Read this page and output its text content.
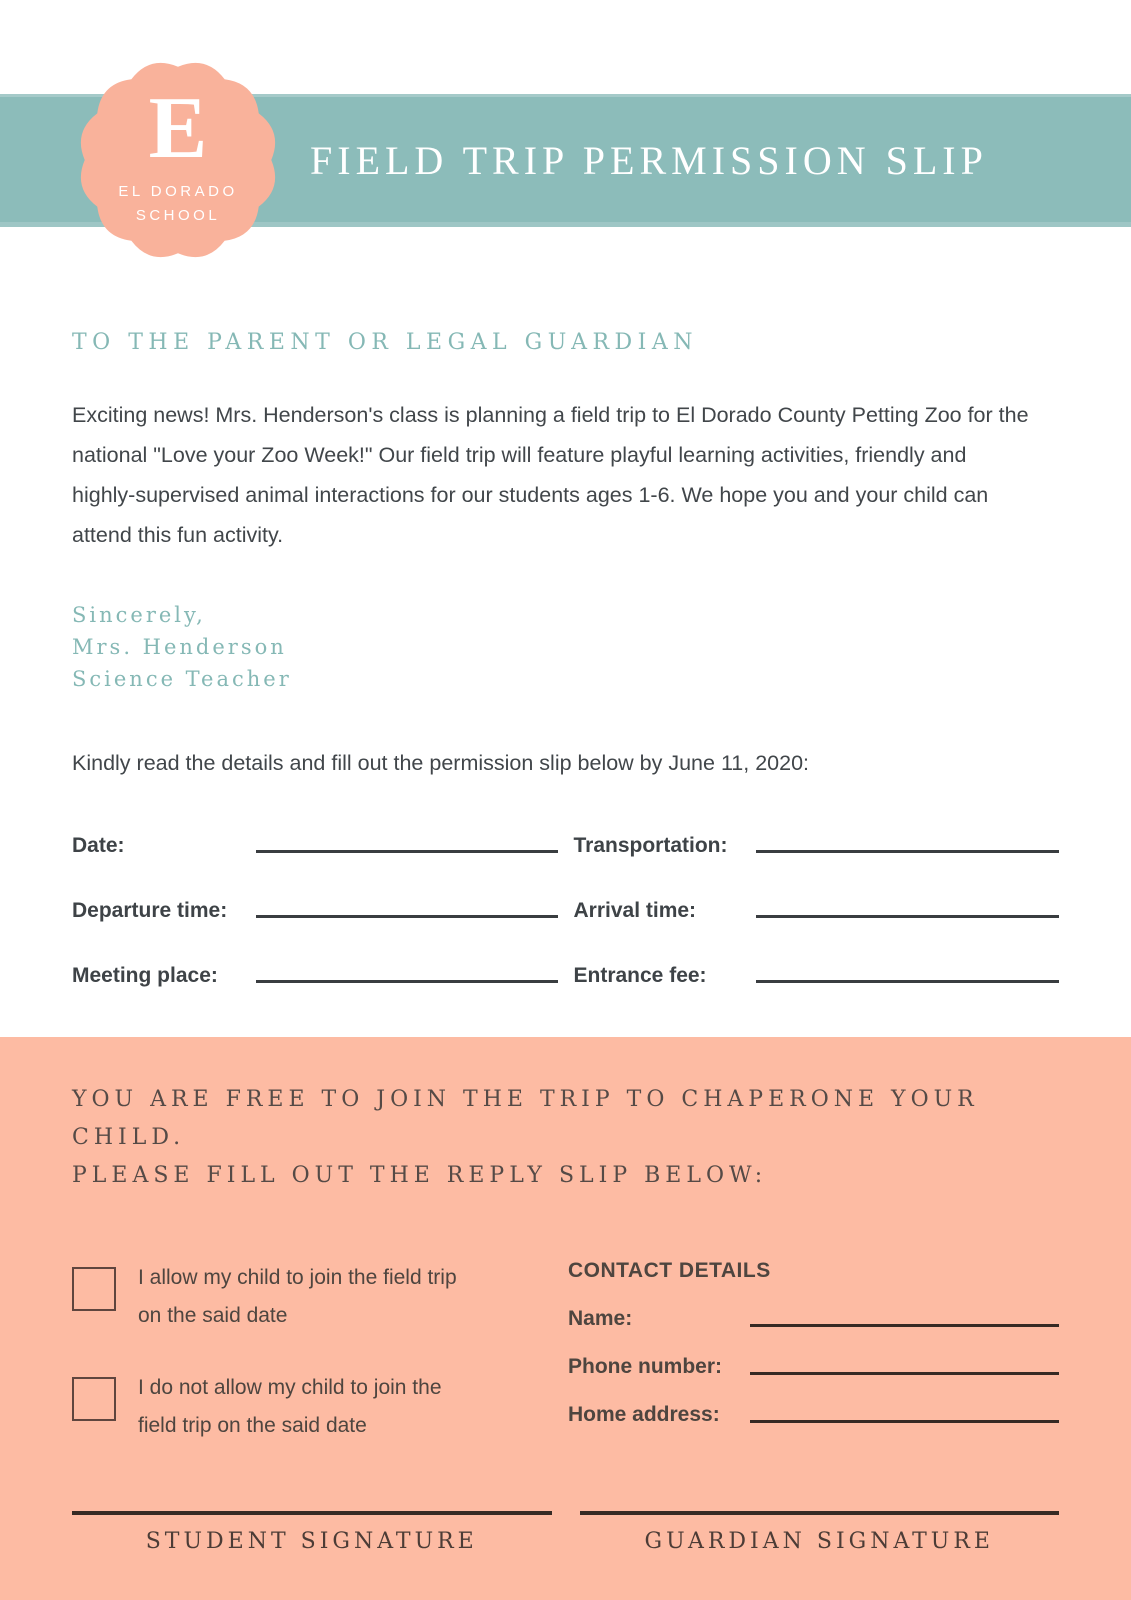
FIELD TRIP PERMISSION SLIP
E
EL DORADO
SCHOOL
TO THE PARENT OR LEGAL GUARDIAN
Exciting news! Mrs. Henderson's class is planning a field trip to El Dorado County Petting Zoo for the national "Love your Zoo Week!" Our field trip will feature playful learning activities, friendly and highly-supervised animal interactions for our students ages 1-6. We hope you and your child can attend this fun activity.
Sincerely,
Mrs. Henderson
Science Teacher
Kindly read the details and fill out the permission slip below by June 11, 2020:
Date:	Transportation:
Departure time:	Arrival time:
Meeting place:	Entrance fee:
YOU ARE FREE TO JOIN THE TRIP TO CHAPERONE YOUR CHILD.
PLEASE FILL OUT THE REPLY SLIP BELOW:
I allow my child to join the field trip on the said date
I do not allow my child to join the field trip on the said date
CONTACT DETAILS
Name:
Phone number:
Home address:
STUDENT SIGNATURE	GUARDIAN SIGNATURE
